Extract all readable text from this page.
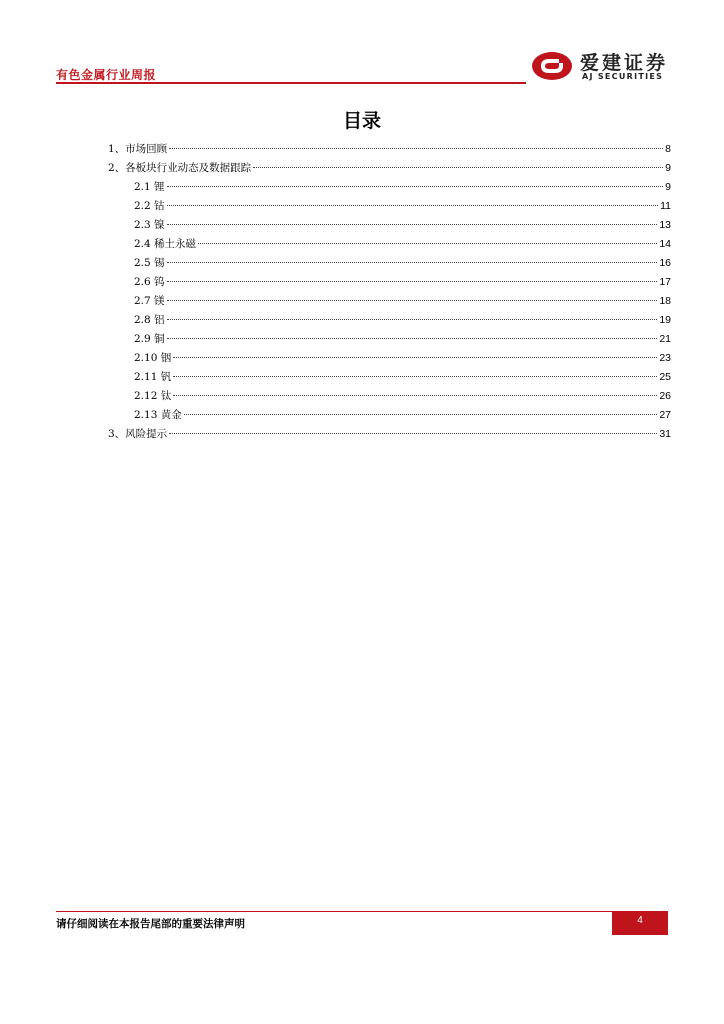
有色金属行业周报
爱建证券
AJ SECURITIES
目录
1、市场回顾	8
2、各板块行业动态及数据跟踪	9
2.1 锂	9
2.2 钴	11
2.3 镍	13
2.4 稀土永磁	14
2.5 锡	16
2.6 钨	17
2.7 镁	18
2.8 铝	19
2.9 铜	21
2.10 铟	23
2.11 钒	25
2.12 钛	26
2.13 黄金	27
3、风险提示	31
请仔细阅读在本报告尾部的重要法律声明	4
